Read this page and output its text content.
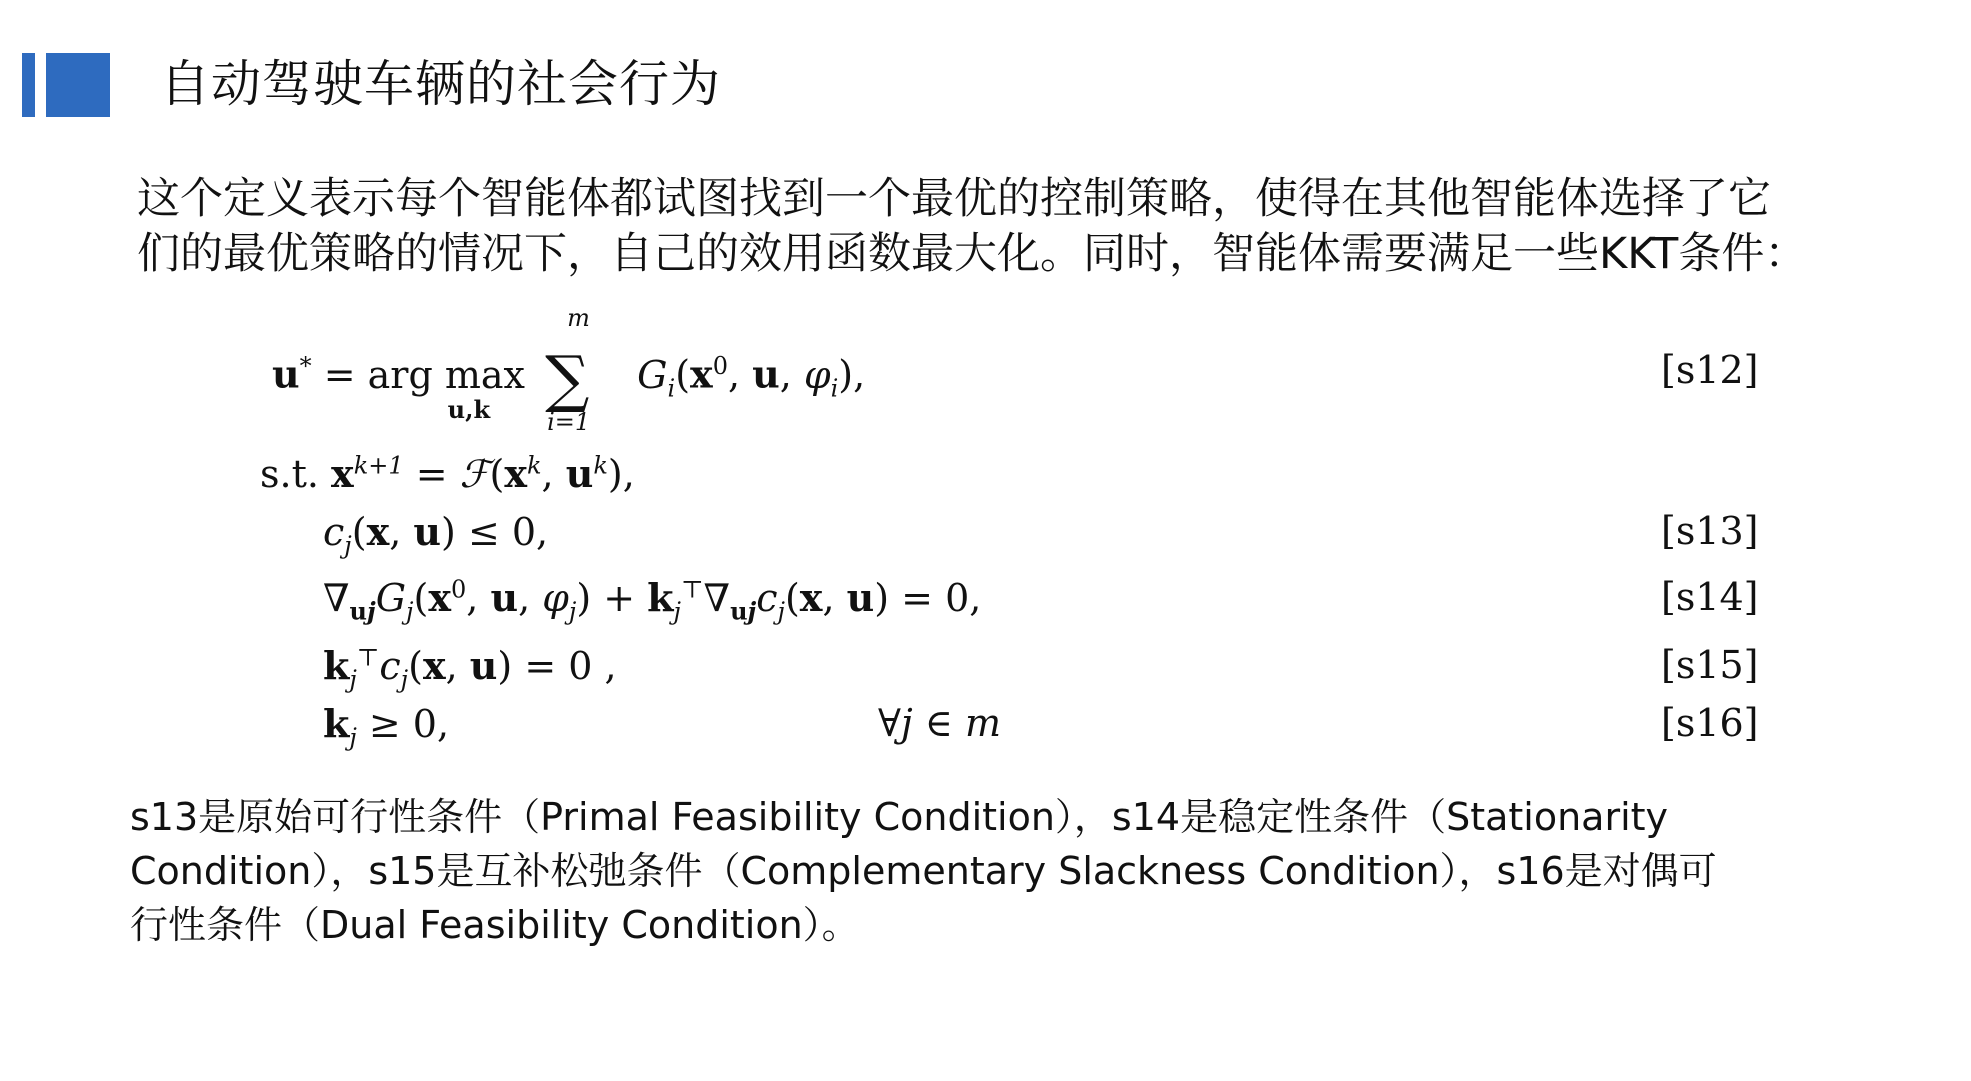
自动驾驶车辆的社会行为

这个定义表示每个智能体都试图找到一个最优的控制策略，使得在其他智能体选择了它

们的最优策略的情况下，自己的效用函数最大化。同时，智能体需要满足一些KKT条件：

u* = arg max
u,k

m
∑
i=1
$G_i(x^0$, u, $\varphi_i$),	[s12]
s.t. $x^{k+1}$ = $ℱ(x^k$, $u^k$),
$c_j(x$, u) ≤ 0,	[s13]
$\nabla_{uj}G_j(x^0$, u, $\varphi_j) + k_j^⊤\nabla_{uj}c_j(x$, u) = 0,	[s14]
$k_j^⊤c_j(x$, u) = 0 ,	[s15]
$k_j \ge 0$,	∀j ∈ m	[s16]

s13是原始可行性条件（Primal Feasibility Condition），s14是稳定性条件（Stationarity

Condition），s15是互补松弛条件（Complementary Slackness Condition），s16是对偶可

行性条件（Dual Feasibility Condition）。
